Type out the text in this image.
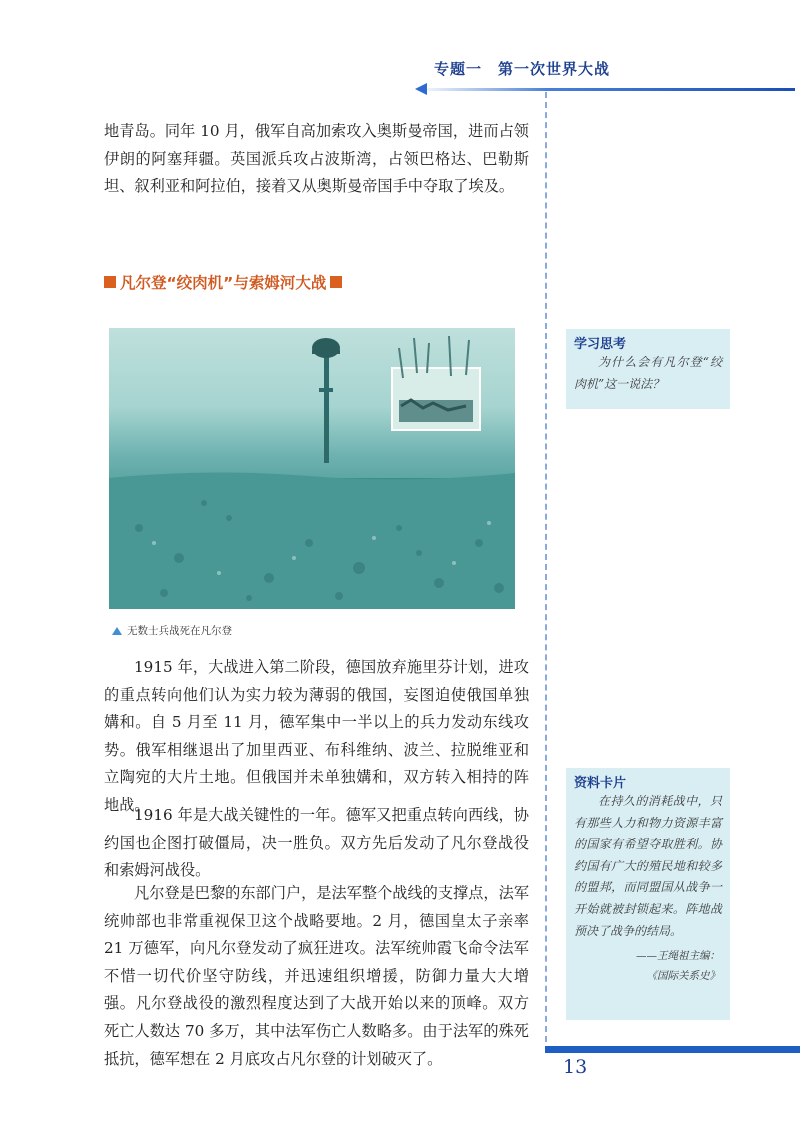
专题一　第一次世界大战

地青岛。同年 10 月，俄军自高加索攻入奥斯曼帝国，进而占领伊朗的阿塞拜疆。英国派兵攻占波斯湾，占领巴格达、巴勒斯坦、叙利亚和阿拉伯，接着又从奥斯曼帝国手中夺取了埃及。

凡尔登“绞肉机”与索姆河大战
无数士兵战死在凡尔登

1915 年，大战进入第二阶段，德国放弃施里芬计划，进攻的重点转向他们认为实力较为薄弱的俄国，妄图迫使俄国单独媾和。自 5 月至 11 月，德军集中一半以上的兵力发动东线攻势。俄军相继退出了加里西亚、布科维纳、波兰、拉脱维亚和立陶宛的大片土地。但俄国并未单独媾和，双方转入相持的阵地战。

1916 年是大战关键性的一年。德军又把重点转向西线，协约国也企图打破僵局，决一胜负。双方先后发动了凡尔登战役和索姆河战役。

凡尔登是巴黎的东部门户，是法军整个战线的支撑点，法军统帅部也非常重视保卫这个战略要地。2 月，德国皇太子亲率 21 万德军，向凡尔登发动了疯狂进攻。法军统帅霞飞命令法军不惜一切代价坚守防线，并迅速组织增援，防御力量大大增强。凡尔登战役的激烈程度达到了大战开始以来的顶峰。双方死亡人数达 70 多万，其中法军伤亡人数略多。由于法军的殊死抵抗，德军想在 2 月底攻占凡尔登的计划破灭了。

学习思考
为什么会有凡尔登“绞肉机”这一说法？
资料卡片
在持久的消耗战中，只有那些人力和物力资源丰富的国家有希望夺取胜利。协约国有广大的殖民地和较多的盟邦，而同盟国从战争一开始就被封锁起来。阵地战预决了战争的结局。
——王绳祖主编：
《国际关系史》
13
